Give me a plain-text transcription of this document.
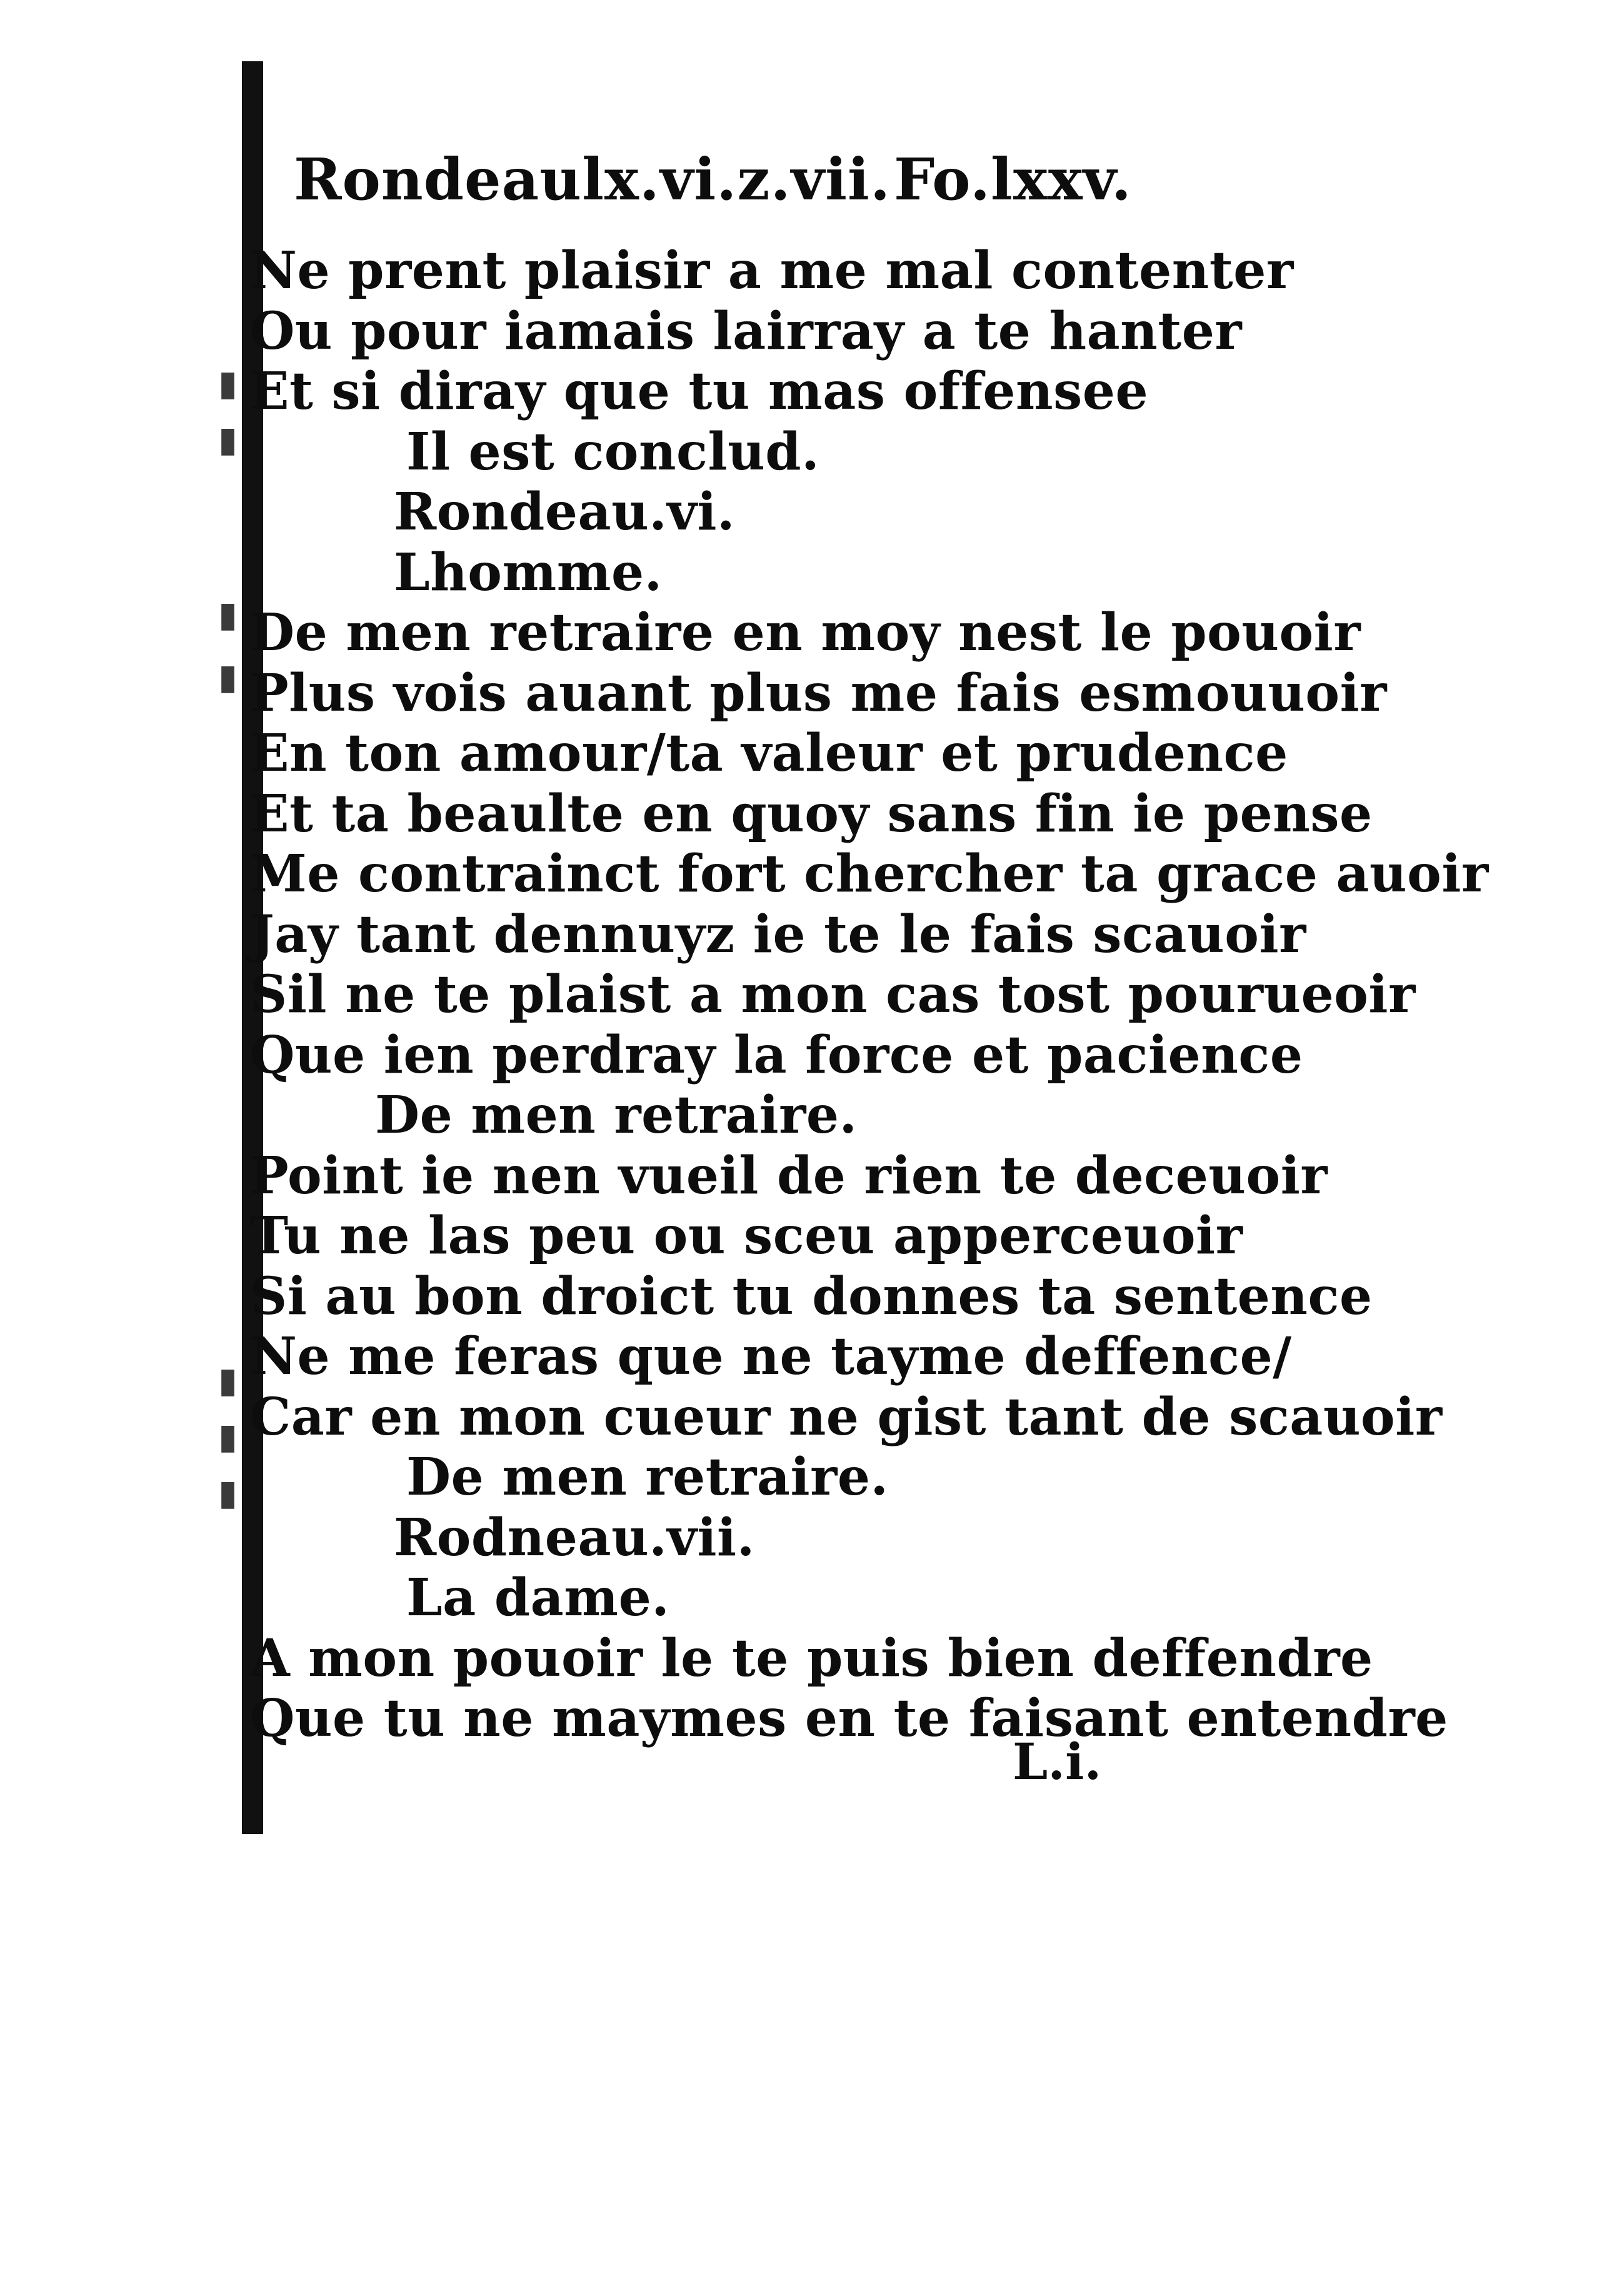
Rondeaulx.vi.z.vii. Fo.lxxv.
Ne prent plaisir a me mal contenter
Ou pour iamais lairray a te hanter
Et si diray que tu mas offensee
Il est conclud.
Rondeau.vi.
Lhomme.
De men retraire en moy nest le pouoir
Plus vois auant plus me fais esmouuoir
En ton amour/ta valeur et prudence
Et ta beaulte en quoy sans fin ie pense
Me contrainct fort chercher ta grace auoir
Jay tant dennuyz ie te le fais scauoir
Sil ne te plaist a mon cas tost pourueoir
Que ien perdray la force et pacience
De men retraire.
Point ie nen vueil de rien te deceuoir
Tu ne las peu ou sceu apperceuoir
Si au bon droict tu donnes ta sentence
Ne me feras que ne taymе deffence/
Car en mon cueur ne gist tant de scauoir
De men retraire.
Rodneau.vii.
La dame.
A mon pouoir le te puis bien deffendre
Que tu ne maymes en te faisant entendre
L.i.
▮
▮
▮
▮
▮
▮
▮
